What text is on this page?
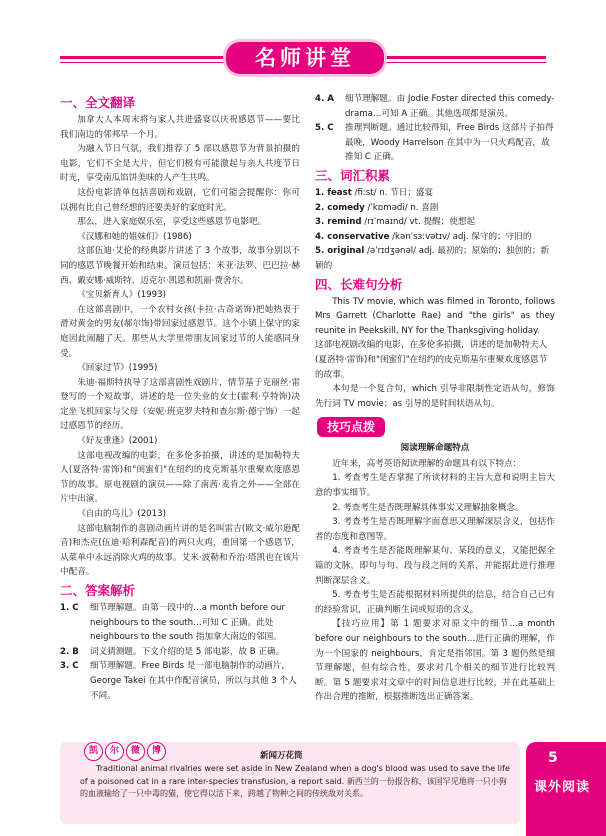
名师讲堂
一、全文翻译

加拿大人本周末将与家人共进盛宴以庆祝感恩节——要比我们南边的邻邦早一个月。

为融入节日气氛，我们推荐了 5 部以感恩节为背景拍摄的电影，它们不全是大片，但它们极有可能激起与亲人共度节日时光，享受南瓜馅饼美味的人产生共鸣。

这份电影清单包括喜剧和戏剧，它们可能会提醒你：你可以拥有比自己曾经想的还要美好的家庭时光。

那么，进入家庭娱乐室，享受这些感恩节电影吧。

《汉娜和她的姐妹们》(1986)

这部伍迪·艾伦的经典影片讲述了 3 个故事，故事分别以不同的感恩节晚餐开始和结束。演员包括：米亚·法罗、巴巴拉·赫西、戴安娜·威斯特、迈克尔·凯恩和凯丽·费舍尔。

《宝贝新育人》(1993)

在这部喜剧中，一个农村女孩(卡拉·古奇诺饰)把她热衷于滑对黄金的男友(郝尔饰)带回家过感恩节。这个小镇上保守的家庭因此闹翻了天。那些从大学里带朋友回家过节的人能感同身受。

《回家过节》(1995)

朱迪·福斯特执导了这部喜剧性戏剧片，情节基于克丽丝·雷登写的一个短故事，讲述的是一位失业的女士(霍利·亨特饰)决定坐飞机回家与父母（安妮·班克罗夫特和查尔斯·德宁饰）一起过感恩节的经历。

《好友重逢》(2001)

这部电视改编的电影，在多伦多拍摄，讲述的是加勒特夫人(夏洛特·雷饰)和"闺蜜们"在纽约的皮克斯基尔重聚欢度感恩节的故事。原电视剧的演员——除了南茜·麦肯之外——全部在片中出演。

《自由的鸟儿》(2013)

这部电脑制作的喜剧动画片讲的是名叫雷吉(欧文·威尔逊配音)和杰克(伍迪·哈利森配音)的两只火鸡，重回第一个感恩节，从菜单中永远消除火鸡的故事。艾米·波勒和乔治·塔凯也在该片中配音。

二、答案解析
1. C 细节理解题。由第一段中的…a month before our neighbours to the south…可知 C 正确。此处 neighbours to the south 指加拿大南边的邻国。
2. B 词义猜测题。下文介绍的是 5 部电影，故 B 正确。
3. C 细节理解题。Free Birds 是一部电脑制作的动画片，George Takei 在其中作配音演员，所以与其他 3 个人不同。
4. A 细节理解题。由 Jodie Foster directed this comedy-drama…可知 A 正确。其他选项都是演员。
5. C 推理判断题。通过比较得知，Free Birds 这部片子拍得最晚，Woody Harrelson 在其中为一只火鸡配音，故推知 C 正确。
三、词汇积累

1. feast /fiːst/ n. 节日；盛宴

2. comedy /ˈkɒmədi/ n. 喜剧

3. remind /rɪˈmaɪnd/ vt. 提醒；使想起

4. conservative /kənˈsɜːvətɪv/ adj. 保守的；守旧的

5. original /əˈrɪdʒənəl/ adj. 最初的；原始的；独创的；新颖的

四、长难句分析

This TV movie, which was filmed in Toronto, follows Mrs Garrett (Charlotte Rae) and "the girls" as they reunite in Peekskill, NY for the Thanksgiving holiday.

这部电视剧改编的电影，在多伦多拍摄，讲述的是加勒特夫人(夏洛特·雷饰)和"闺蜜们"在纽约的皮克斯基尔重聚欢度感恩节的故事。

本句是一个复合句，which 引导非限制性定语从句，修饰先行词 TV movie；as 引导的是时间状语从句。

技巧点拨

阅读理解命题特点

近年来，高考英语阅读理解的命题具有以下特点：

1. 考查考生是否掌握了所读材料的主旨大意和说明主旨大意的事实细节。

2. 考查考生是否既理解具体事实又理解抽象概念。

3. 考查考生是否既理解字面意思又理解深层含义，包括作者的态度和意图等。

4. 考查考生是否能既理解某句、某段的意义，又能把握全篇的文脉，即句与句、段与段之间的关系，并能据此进行推理判断深层含义。

5. 考查考生是否能根据材料所提供的信息，结合自己已有的经验常识，正确判断生词或短语的含义。

【技巧应用】第 1 题要求对原文中的细节…a month before our neighbours to the south…进行正确的理解，作为一个国家的 neighbours，肯定是指邻国。第 3 题仍然是细节理解题，但有综合性，要求对几个相关的细节进行比较判断。第 5 题要求对文章中的时间信息进行比较，并在此基础上作出合理的推断，根据推断选出正确答案。

凯	尔	微	博	新闻万花筒

Traditional animal rivalries were set aside in New Zealand when a dog's blood was used to save the life of a poisoned cat in a rare inter-species transfusion, a report said. 新西兰的一份报告称，该国罕见地将一只小狗的血液输给了一只中毒的猫，使它得以活下来，跨越了物种之间的传统敌对关系。

5
课外阅读
